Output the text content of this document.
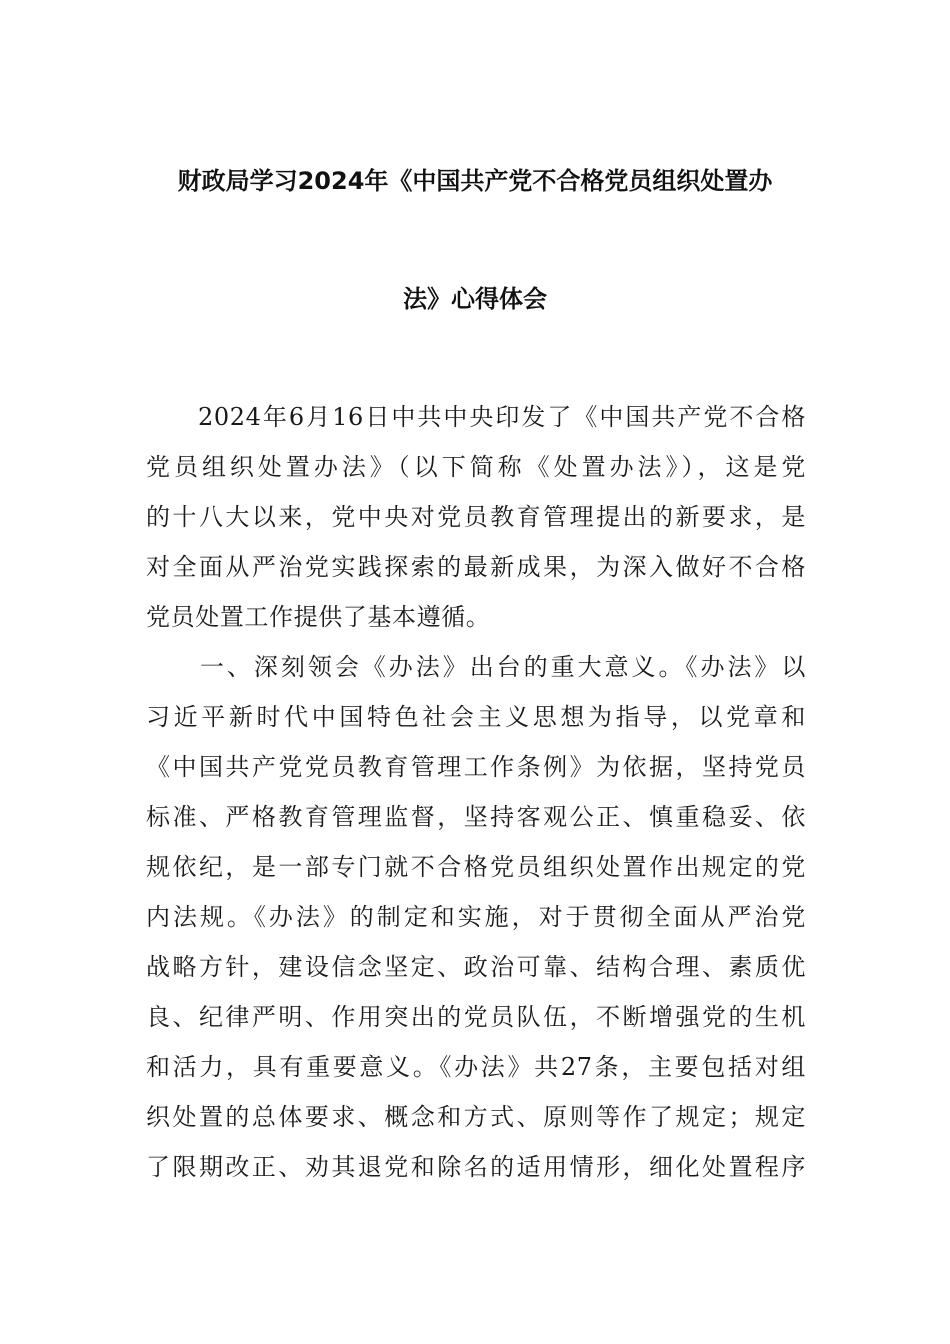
财政局学习2024年《中国共产党不合格党员组织处置办
法》心得体会
　　2024年6月16日中共中央印发了《中国共产党不合格
党员组织处置办法》（以下简称《处置办法》），这是党
的十八大以来，党中央对党员教育管理提出的新要求，是
对全面从严治党实践探索的最新成果，为深入做好不合格
党员处置工作提供了基本遵循。
　　一、深刻领会《办法》出台的重大意义。《办法》以
习近平新时代中国特色社会主义思想为指导，以党章和
《中国共产党党员教育管理工作条例》为依据，坚持党员
标准、严格教育管理监督，坚持客观公正、慎重稳妥、依
规依纪，是一部专门就不合格党员组织处置作出规定的党
内法规。《办法》的制定和实施，对于贯彻全面从严治党
战略方针，建设信念坚定、政治可靠、结构合理、素质优
良、纪律严明、作用突出的党员队伍，不断增强党的生机
和活力，具有重要意义。《办法》共27条，主要包括对组
织处置的总体要求、概念和方式、原则等作了规定；规定
了限期改正、劝其退党和除名的适用情形，细化处置程序
